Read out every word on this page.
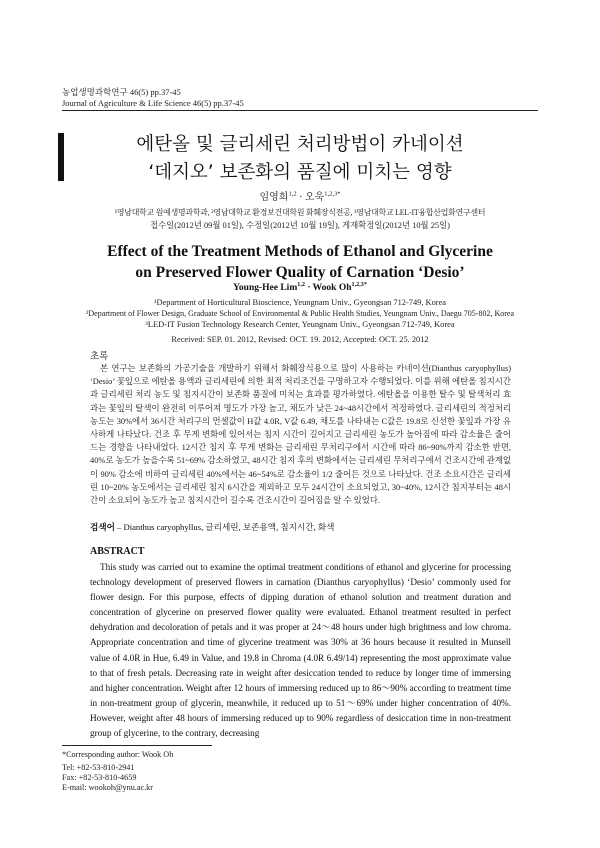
농업생명과학연구 46(5) pp.37-45
Journal of Agriculture & Life Science 46(5) pp.37-45
에탄올 및 글리세린 처리방법이 카네이션
‘데지오’ 보존화의 품질에 미치는 영향
임영희$^{1,2}$ · 오욱$^{1,2,3*}$
¹영남대학교 원예생명과학과, ²영남대학교 환경보건대학원 화훼장식전공, ³영남대학교 LEL-IT융합산업화연구센터
접수일(2012년 09월 01일), 수정일(2012년 10월 19일), 게재확정일(2012년 10월 25일)
Effect of the Treatment Methods of Ethanol and Glycerine
on Preserved Flower Quality of Carnation ‘Desio’
Young-Hee Lim$^{1,2}$ · Wook $Oh^{1,2,3*}$
¹Department of Horticultural Bioscience, Yeungnam Univ., Gyeongsan 712-749, Korea
²Department of Flower Design, Graduate School of Environmental & Public Health Studies, Yeungnam Univ., Daegu 705-802, Korea
³LED-IT Fusion Technology Research Center, Yeungnam Univ., Gyeongsan 712-749, Korea
Received: SEP. 01. 2012, Revised: OCT. 19. 2012, Accepted: OCT. 25. 2012
초록
본 연구는 보존화의 가공기술을 개발하기 위해서 화훼장식용으로 많이 사용하는 카네이션(Dianthus caryophyllus) ‘Desio’ 꽃잎으로 에탄올 용액과 글리세린에 의한 최적 처리조건을 구명하고자 수행되었다. 이를 위해 에탄올 침지시간과 글리세린 처리 농도 및 침지시간이 보존화 품질에 미치는 효과를 평가하였다. 에탄올을 이용한 탈수 및 탈색처리 효과는 꽃잎의 탈색이 완전히 이루어져 명도가 가장 높고, 채도가 낮은 24~48시간에서 적정하였다. 글리세린의 적정처리 농도는 30%에서 36시간 처리구의 먼셀값이 H값 4.0R, V값 6.49, 채도를 나타내는 C값은 19.8로 신선한 꽃잎과 가장 유사하게 나타났다. 건조 후 무게 변화에 있어서는 침지 시간이 길어지고 글리세린 농도가 높아짐에 따라 감소율은 줄어드는 경향을 나타내었다. 12시간 침지 후 무게 변화는 글리세린 무처리구에서 시간에 따라 86~90%까지 감소한 반면, 40%로 농도가 높을수록 51~69% 감소하였고, 48시간 침지 후의 변화에서는 글리세린 무처리구에서 건조시간에 관계없이 90% 감소에 비하여 글리세린 40%에서는 46~54%로 감소율이 1/2 줄어든 것으로 나타났다. 건조 소요시간은 글리세린 10~20% 농도에서는 글리세린 침지 6시간을 제외하고 모두 24시간이 소요되었고, 30~40%, 12시간 침지부터는 48시간이 소요되어 농도가 높고 침지시간이 길수록 건조시간이 길어짐을 알 수 있었다.
검색어 – Dianthus caryophyllus, 글리세린, 보존용액, 침지시간, 화색
ABSTRACT
This study was carried out to examine the optimal treatment conditions of ethanol and glycerine for processing technology development of preserved flowers in carnation (Dianthus caryophyllus) ‘Desio’ commonly used for flower design. For this purpose, effects of dipping duration of ethanol solution and treatment duration and concentration of glycerine on preserved flower quality were evaluated. Ethanol treatment resulted in perfect dehydration and decoloration of petals and it was proper at 24～48 hours under high brightness and low chroma. Appropriate concentration and time of glycerine treatment was 30% at 36 hours because it resulted in Munsell value of 4.0R in Hue, 6.49 in Value, and 19.8 in Chroma (4.0R 6.49/14) representing the most approximate value to that of fresh petals. Decreasing rate in weight after desiccation tended to reduce by longer time of immersing and higher concentration. Weight after 12 hours of immersing reduced up to 86～90% according to treatment time in non-treatment group of glycerin, meanwhile, it reduced up to 51～69% under higher concentration of 40%. However, weight after 48 hours of immersing reduced up to 90% regardless of desiccation time in non-treatment group of glycerine, to the contrary, decreasing
*Corresponding author: Wook Oh
Tel: +82-53-810-2941
Fax: +82-53-810-4659
E-mail: wookoh@ynu.ac.kr
